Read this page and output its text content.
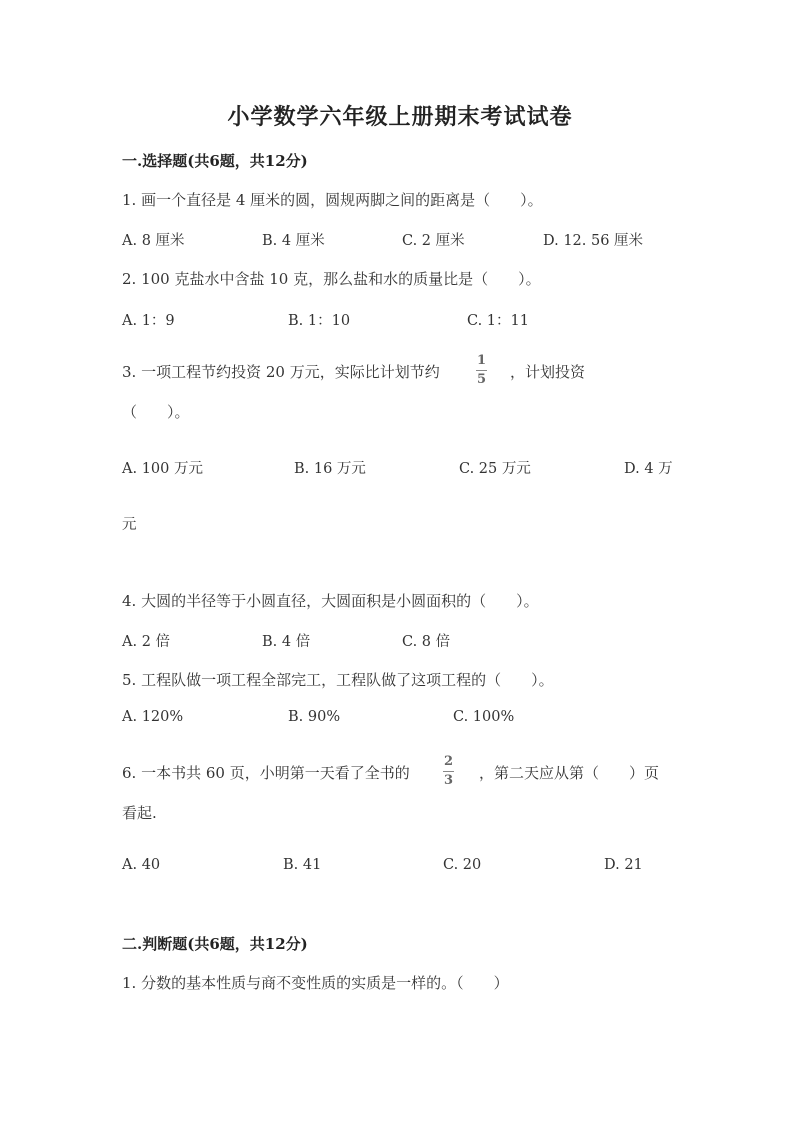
小学数学六年级上册期末考试试卷
一.选择题(共6题，共12分)
1. 画一个直径是 4 厘米的圆，圆规两脚之间的距离是（　　）。
A. 8 厘米	B. 4 厘米	C. 2 厘米	D. 12. 56 厘米
2. 100 克盐水中含盐 10 克，那么盐和水的质量比是（　　）。
A. 1：9	B. 1：10	C. 1：11
3. 一项工程节约投资 20 万元，实际比计划节约
1
5 ，计划投资
（　　）。
A. 100 万元	B. 16 万元	C. 25 万元	D. 4 万
元
4. 大圆的半径等于小圆直径，大圆面积是小圆面积的（　　）。
A. 2 倍	B. 4 倍	C. 8 倍
5. 工程队做一项工程全部完工，工程队做了这项工程的（　　）。
A. 120%	B. 90%	C. 100%
6. 一本书共 60 页，小明第一天看了全书的
2
3 ，第二天应从第（　　）页
看起.
A. 40	B. 41	C. 20	D. 21
二.判断题(共6题，共12分)
1. 分数的基本性质与商不变性质的实质是一样的。（　　）
